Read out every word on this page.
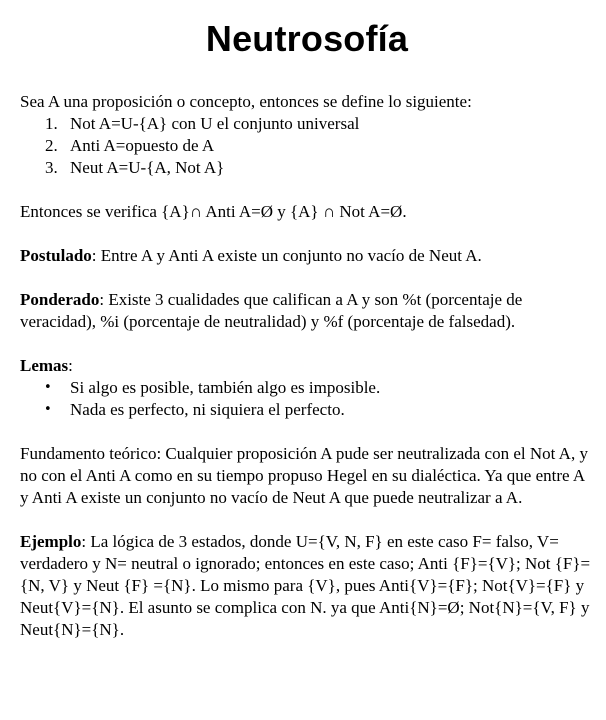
Neutrosofía

Sea A una proposición o concepto, entonces se define lo siguiente:

1. Not A=U-{A} con U el conjunto universal
2. Anti A=opuesto de A
3. Neut A=U-{A, Not A}

Entonces se verifica {A}∩ Anti A=Ø y {A} ∩ Not A=Ø.

Postulado: Entre A y Anti A existe un conjunto no vacío de Neut A.

Ponderado: Existe 3 cualidades que califican a A y son %t (porcentaje de veracidad), %i (porcentaje de neutralidad) y %f (porcentaje de falsedad).

Lemas:

• Si algo es posible, también algo es imposible.
• Nada es perfecto, ni siquiera el perfecto.

Fundamento teórico: Cualquier proposición A pude ser neutralizada con el Not A, y no con el Anti A como en su tiempo propuso Hegel en su dialéctica. Ya que entre A y Anti A existe un conjunto no vacío de Neut A que puede neutralizar a A.

Ejemplo: La lógica de 3 estados, donde U={V, N, F} en este caso F= falso, V= verdadero y N= neutral o ignorado; entonces en este caso; Anti {F}={V}; Not {F}={N, V} y Neut {F} ={N}. Lo mismo para {V}, pues Anti{V}={F}; Not{V}={F} y Neut{V}={N}. El asunto se complica con N. ya que Anti{N}=Ø; Not{N}={V, F} y Neut{N}={N}.
